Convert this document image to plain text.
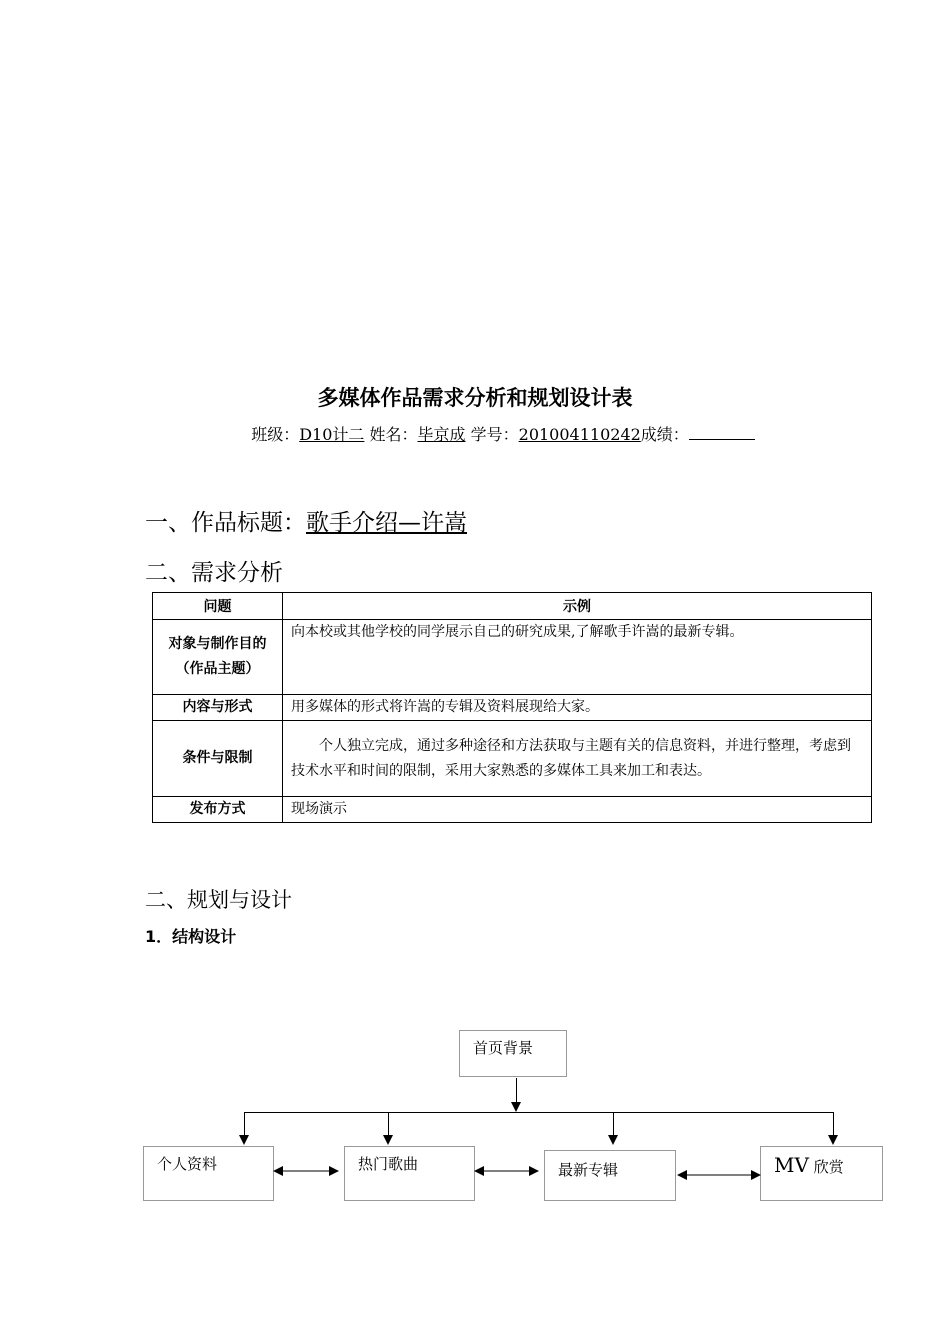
多媒体作品需求分析和规划设计表
班级：D10计二 姓名：毕京成 学号：201004110242成绩：
一、作品标题：歌手介绍—许嵩
二、需求分析
问题	示例
对象与制作目的（作品主题）	向本校或其他学校的同学展示自己的研究成果,了解歌手许嵩的最新专辑。
内容与形式	用多媒体的形式将许嵩的专辑及资料展现给大家。
条件与限制	个人独立完成，通过多种途径和方法获取与主题有关的信息资料，并进行整理，考虑到技术水平和时间的限制，采用大家熟悉的多媒体工具来加工和表达。
发布方式	现场演示
二、规划与设计
1．结构设计
首页背景
个人资料	热门歌曲	最新专辑	MV 欣赏
